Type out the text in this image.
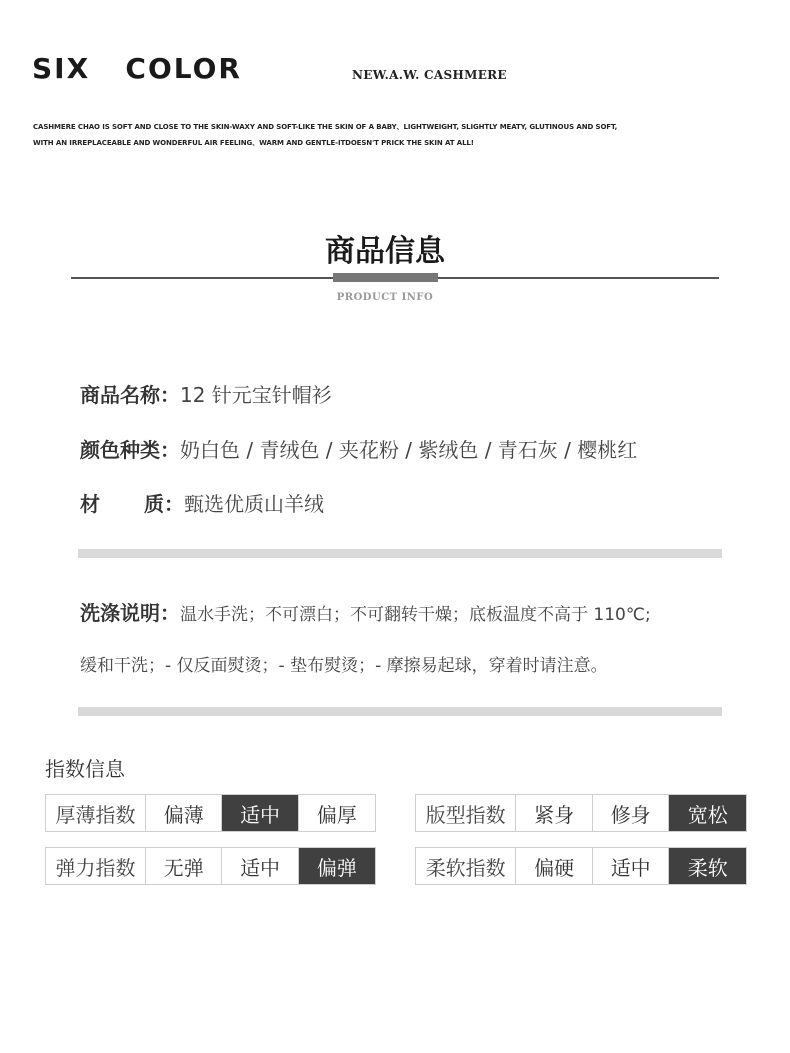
SIX   COLOR	NEW.A.W. CASHMERE
CASHMERE CHAO IS SOFT AND CLOSE TO THE SKIN-WAXY AND SOFT-LIKE THE SKIN OF A BABY、LIGHTWEIGHT, SLIGHTLY MEATY, GLUTINOUS AND SOFT,
WITH AN IRREPLACEABLE AND WONDERFUL AIR FEELING、WARM AND GENTLE-ITDOESN'T PRICK THE SKIN AT ALL!
商品信息
PRODUCT INFO
商品名称：12 针元宝针帽衫
颜色种类：奶白色 / 青绒色 / 夹花粉 / 紫绒色 / 青石灰 / 樱桃红
材 质：甄选优质山羊绒
洗涤说明：温水手洗；不可漂白；不可翻转干燥；底板温度不高于 110℃;
缓和干洗；- 仅反面熨烫；- 垫布熨烫；- 摩擦易起球，穿着时请注意。
指数信息
厚薄指数	偏薄	适中	偏厚	版型指数	紧身	修身	宽松
弹力指数	无弹	适中	偏弹	柔软指数	偏硬	适中	柔软
